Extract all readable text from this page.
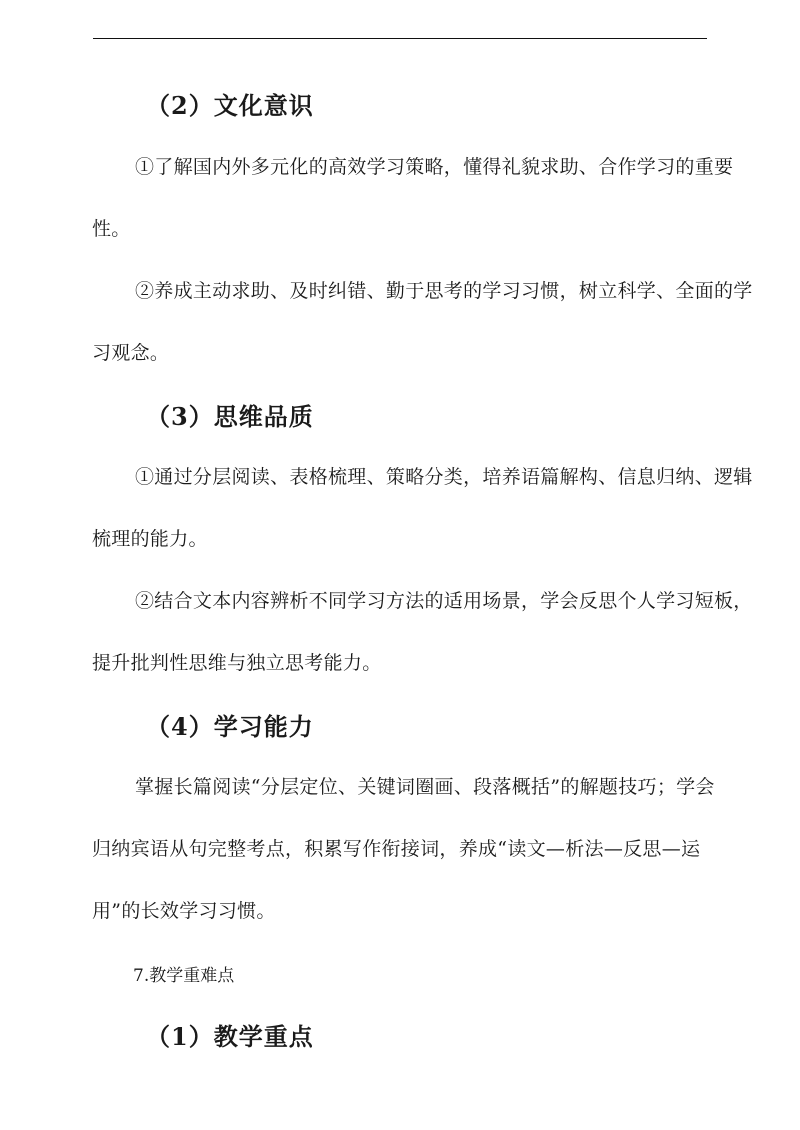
（2）文化意识
①了解国内外多元化的高效学习策略，懂得礼貌求助、合作学习的重要
性。
②养成主动求助、及时纠错、勤于思考的学习习惯，树立科学、全面的学
习观念。
（3）思维品质
①通过分层阅读、表格梳理、策略分类，培养语篇解构、信息归纳、逻辑
梳理的能力。
②结合文本内容辨析不同学习方法的适用场景，学会反思个人学习短板，
提升批判性思维与独立思考能力。
（4）学习能力
掌握长篇阅读“分层定位、关键词圈画、段落概括”的解题技巧；学会
归纳宾语从句完整考点，积累写作衔接词，养成“读文—析法—反思—运
用”的长效学习习惯。
7.教学重难点
（1）教学重点
